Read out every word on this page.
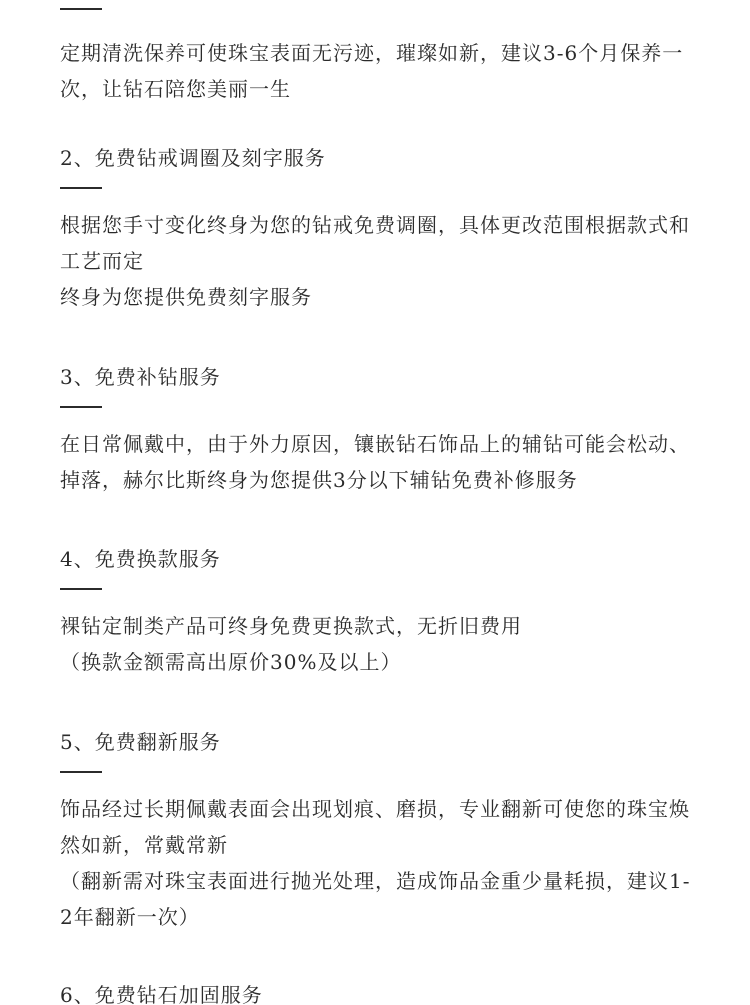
定期清洗保养可使珠宝表面无污迹，璀璨如新，建议3-6个月保养一次，让钻石陪您美丽一生

2、免费钻戒调圈及刻字服务

根据您手寸变化终身为您的钻戒免费调圈，具体更改范围根据款式和工艺而定

终身为您提供免费刻字服务

3、免费补钻服务

在日常佩戴中，由于外力原因，镶嵌钻石饰品上的辅钻可能会松动、掉落，赫尔比斯终身为您提供3分以下辅钻免费补修服务

4、免费换款服务

裸钻定制类产品可终身免费更换款式，无折旧费用

（换款金额需高出原价30%及以上）

5、免费翻新服务

饰品经过长期佩戴表面会出现划痕、磨损，专业翻新可使您的珠宝焕然如新，常戴常新

（翻新需对珠宝表面进行抛光处理，造成饰品金重少量耗损，建议1-2年翻新一次）

6、免费钻石加固服务
